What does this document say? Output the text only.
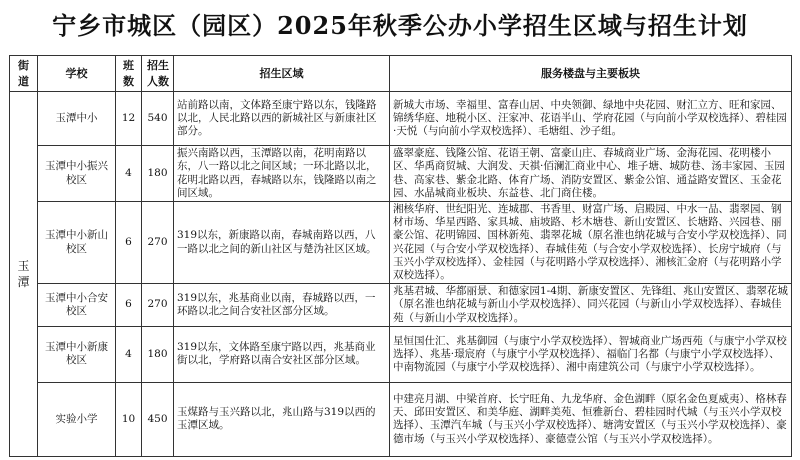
宁乡市城区（园区）2025年秋季公办小学招生区域与招生计划
街道	学校	班数	招生人数	招生区域	服务楼盘与主要板块

玉潭	玉潭中小	12	540	站前路以南，文体路至康宁路以东，钱隆路以北，人民北路以西的新城社区与新康社区部分。	新城大市场、幸福里、富春山居、中央领御、绿地中央花园、财汇立方、旺和家园、锦绣华庭、地税小区、汪家冲、花语半山、学府花园（与向前小学双校选择）、碧桂园·天悦（与向前小学双校选择）、毛塘组、沙子组。
	玉潭中小振兴校区	4	180	振兴南路以西，玉潭路以南，花明南路以东，八一路以北之间区域；一环北路以北，花明北路以西，春城路以东，钱隆路以南之间区域。	盛翠豪庭、钱隆公馆、花语王朝、富豪山庄、春城商业广场、金海花园、花明楼小区、华禹商贸城、大润发、天祺·佰澜汇商业中心、堆子塘、城防巷、汤丰家园、玉园巷、高家巷、紫金北路、体育广场、消防安置区、紫金公馆、通益路安置区、玉金花园、水晶城商业板块、东益巷、北门商住楼。
	玉潭中小新山校区	6	270	319以东，新康路以南，春城南路以西，八一路以北之间的新山社区与楚沩社区区域。	湘核华府、世纪阳光、连城郡、书香里、财富广场、启殿园、中水一品、翡翠园、钢材市场、华星西路、家具城、庙坡路、杉木塘巷、新山安置区、长塘路、兴园巷、丽豪公馆、花明锦园、国林新苑、翡翠花城（原名淮也纳花城与合安小学双校选择）、同兴花园（与合安小学双校选择）、春城佳苑（与合安小学双校选择）、长房宁城府（与玉兴小学双校选择）、金桂园（与花明路小学双校选择）、湘核汇金府（与花明路小学双校选择）。
	玉潭中小合安校区	6	270	319以东，兆基商业以南，春城路以西，一环路以北之间合安社区部分区域。	兆基君城、华都丽景、和德家园1-4期、新康安置区、先锋组、兆山安置区、翡翠花城（原名淮也纳花城与新山小学双校选择）、同兴花园（与新山小学双校选择）、春城佳苑（与新山小学双校选择）。
	玉潭中小新康校区	4	180	319以东，文体路至康宁路以西，兆基商业街以北，学府路以南合安社区部分区域。	星恒国仕汇、兆基御园（与康宁小学双校选择）、智城商业广场西苑（与康宁小学双校选择）、兆基·璟宸府（与康宁小学双校选择）、福临门名都（与康宁小学双校选择）、中南物流园（与康宁小学双校选择）、湘中南建筑公司（与康宁小学双校选择）。
	实验小学	10	450	玉煤路与玉兴路以北，兆山路与319以西的玉潭区域。	中建亮月湖、中梁首府、长宁旺角、九龙华府、金色湖畔（原名金色夏威夷）、格林春天、邱田安置区、和美华庭、湖畔美苑、恒雅新台、碧桂园时代城（与玉兴小学双校选择）、玉潭汽车城（与玉兴小学双校选择）、塘湾安置区（与玉兴小学双校选择）、豪德市场（与玉兴小学双校选择）、豪德壹公馆（与玉兴小学双校选择）。
